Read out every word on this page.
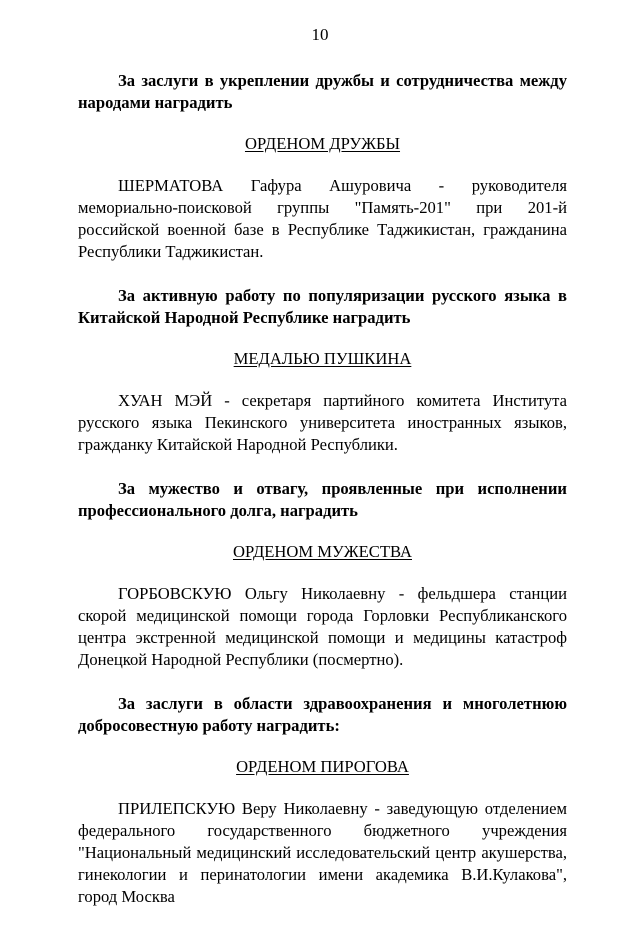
10

За заслуги в укреплении дружбы и сотрудничества между народами наградить

ОРДЕНОМ ДРУЖБЫ

ШЕРМАТОВА Гафура Ашуровича - руководителя мемориально-поисковой группы "Память-201" при 201-й российской военной базе в Республике Таджикистан, гражданина Республики Таджикистан.

За активную работу по популяризации русского языка в Китайской Народной Республике наградить

МЕДАЛЬЮ ПУШКИНА

ХУАН МЭЙ - секретаря партийного комитета Института русского языка Пекинского университета иностранных языков, гражданку Китайской Народной Республики.

За мужество и отвагу, проявленные при исполнении профессионального долга, наградить

ОРДЕНОМ МУЖЕСТВА

ГОРБОВСКУЮ Ольгу Николаевну - фельдшера станции скорой медицинской помощи города Горловки Республиканского центра экстренной медицинской помощи и медицины катастроф Донецкой Народной Республики (посмертно).

За заслуги в области здравоохранения и многолетнюю добросовестную работу наградить:

ОРДЕНОМ ПИРОГОВА

ПРИЛЕПСКУЮ Веру Николаевну - заведующую отделением федерального государственного бюджетного учреждения "Национальный медицинский исследовательский центр акушерства, гинекологии и перинатологии имени академика В.И.Кулакова", город Москва
